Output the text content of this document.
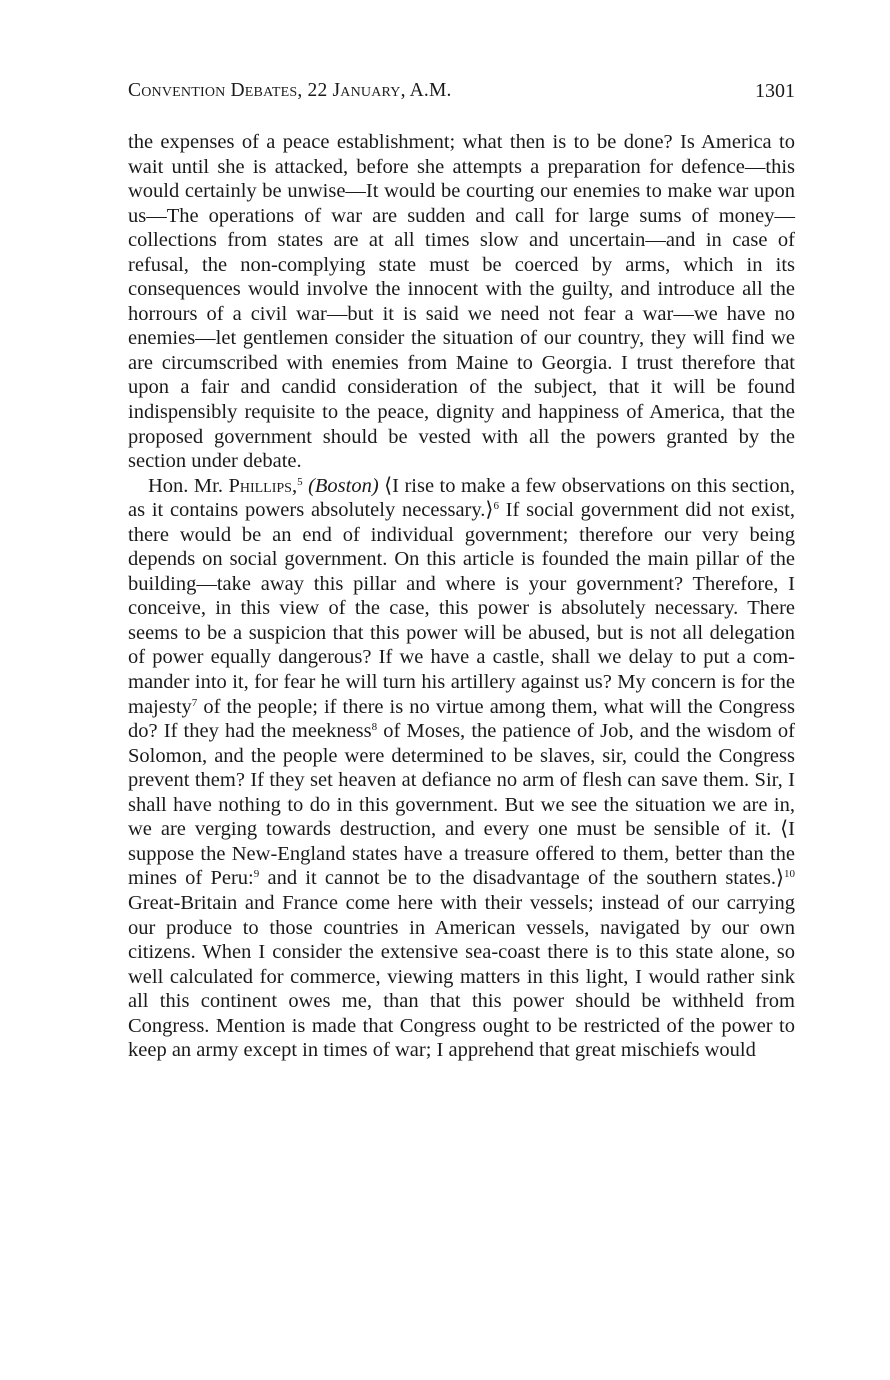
Convention Debates, 22 January, A.M.	1301

the expenses of a peace establishment; what then is to be done? Is America to wait until she is attacked, before she attempts a preparation for defence—this would certainly be unwise—It would be courting our enemies to make war upon us—The operations of war are sudden and call for large sums of money—collections from states are at all times slow and uncertain—and in case of refusal, the non-complying state must be coerced by arms, which in its consequences would involve the innocent with the guilty, and introduce all the horrours of a civil war—but it is said we need not fear a war—we have no enemies—let gentlemen consider the situation of our country, they will find we are circumscribed with enemies from Maine to Georgia. I trust therefore that upon a fair and candid consideration of the subject, that it will be found indispensibly requisite to the peace, dignity and happiness of America, that the proposed government should be vested with all the powers granted by the section under debate.

Hon. Mr. Phillips,$^5$ (Boston) ⟨I rise to make a few observations on this section, as it contains powers absolutely necessary.⟩$^6$ If social government did not exist, there would be an end of individual government; therefore our very being depends on social government. On this article is founded the main pillar of the building—take away this pillar and where is your government? Therefore, I conceive, in this view of the case, this power is absolutely necessary. There seems to be a suspicion that this power will be abused, but is not all delegation of power equally dangerous? If we have a castle, shall we delay to put a commander into it, for fear he will turn his artillery against us? My concern is for the majesty$^7$ of the people; if there is no virtue among them, what will the Congress do? If they had the meekness$^8$ of Moses, the patience of Job, and the wisdom of Solomon, and the people were determined to be slaves, sir, could the Congress prevent them? If they set heaven at defiance no arm of flesh can save them. Sir, I shall have nothing to do in this government. But we see the situation we are in, we are verging towards destruction, and every one must be sensible of it. ⟨I suppose the New-England states have a treasure offered to them, better than the mines of Peru:$^9$ and it cannot be to the disadvantage of the southern states.⟩$^{10}$ Great-Britain and France come here with their vessels; instead of our carrying our produce to those countries in American vessels, navigated by our own citizens. When I consider the extensive sea-coast there is to this state alone, so well calculated for commerce, viewing matters in this light, I would rather sink all this continent owes me, than that this power should be withheld from Congress. Mention is made that Congress ought to be restricted of the power to keep an army except in times of war; I apprehend that great mischiefs would
